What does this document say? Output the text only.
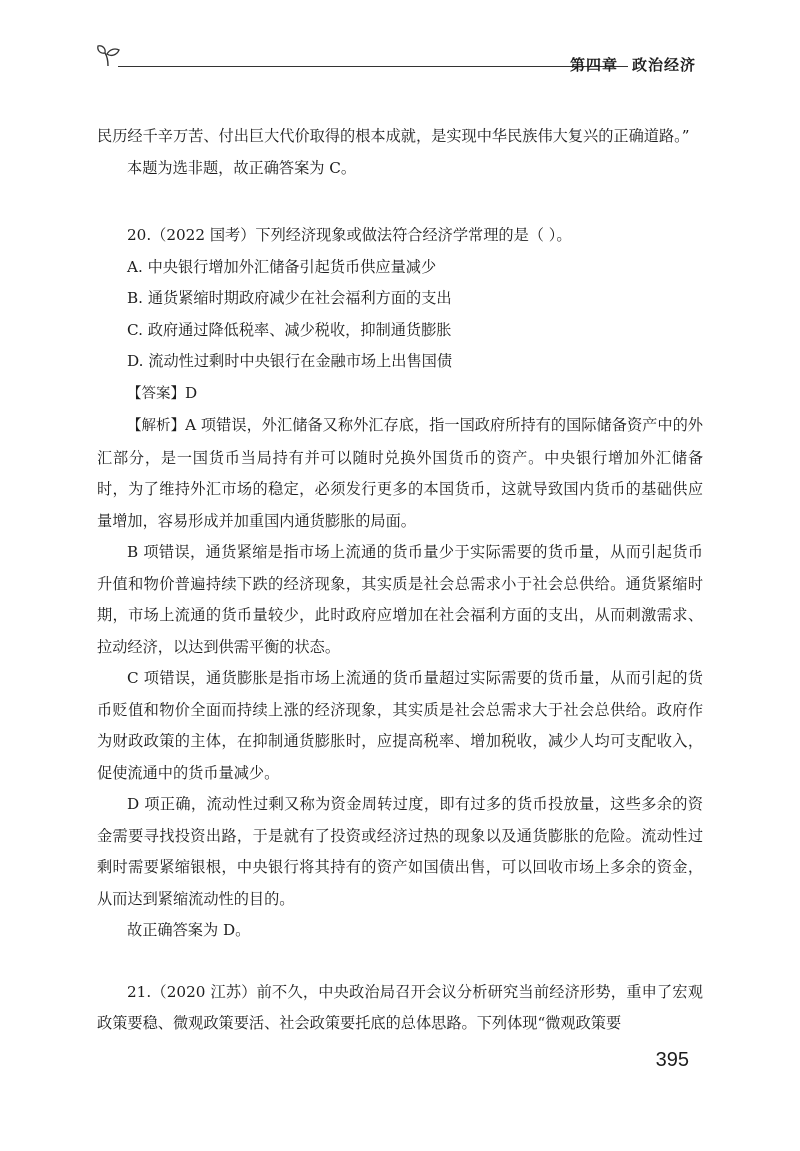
第四章 政治经济

民历经千辛万苦、付出巨大代价取得的根本成就，是实现中华民族伟大复兴的正确道路。”

本题为选非题，故正确答案为 C。

20.（2022 国考）下列经济现象或做法符合经济学常理的是（ ）。

A. 中央银行增加外汇储备引起货币供应量减少

B. 通货紧缩时期政府减少在社会福利方面的支出

C. 政府通过降低税率、减少税收，抑制通货膨胀

D. 流动性过剩时中央银行在金融市场上出售国债

【答案】D

【解析】A 项错误，外汇储备又称外汇存底，指一国政府所持有的国际储备资产中的外汇部分，是一国货币当局持有并可以随时兑换外国货币的资产。中央银行增加外汇储备时，为了维持外汇市场的稳定，必须发行更多的本国货币，这就导致国内货币的基础供应量增加，容易形成并加重国内通货膨胀的局面。

B 项错误，通货紧缩是指市场上流通的货币量少于实际需要的货币量，从而引起货币升值和物价普遍持续下跌的经济现象，其实质是社会总需求小于社会总供给。通货紧缩时期，市场上流通的货币量较少，此时政府应增加在社会福利方面的支出，从而刺激需求、拉动经济，以达到供需平衡的状态。

C 项错误，通货膨胀是指市场上流通的货币量超过实际需要的货币量，从而引起的货币贬值和物价全面而持续上涨的经济现象，其实质是社会总需求大于社会总供给。政府作为财政政策的主体，在抑制通货膨胀时，应提高税率、增加税收，减少人均可支配收入，促使流通中的货币量减少。

D 项正确，流动性过剩又称为资金周转过度，即有过多的货币投放量，这些多余的资金需要寻找投资出路，于是就有了投资或经济过热的现象以及通货膨胀的危险。流动性过剩时需要紧缩银根，中央银行将其持有的资产如国债出售，可以回收市场上多余的资金，从而达到紧缩流动性的目的。

故正确答案为 D。

21.（2020 江苏）前不久，中央政治局召开会议分析研究当前经济形势，重申了宏观政策要稳、微观政策要活、社会政策要托底的总体思路。下列体现“微观政策要

395
